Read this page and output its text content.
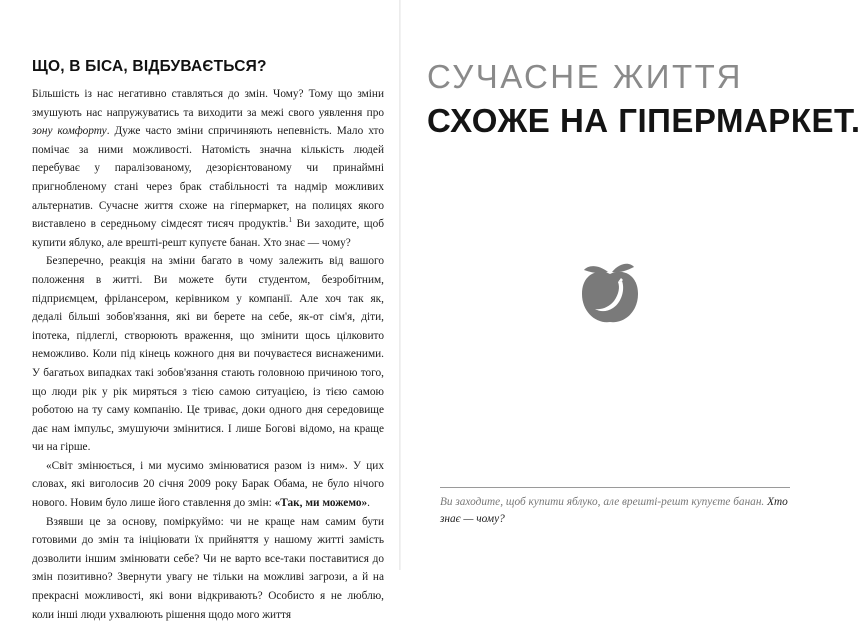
ЩО, В БІСА, ВІДБУВАЄТЬСЯ?

Більшість із нас негативно ставляться до змін. Чому? Тому що зміни змушують нас напружуватись та виходити за межі свого уявлення про зону комфорту. Дуже часто зміни спричиняють непевність. Мало хто помічає за ними можливості. Натомість значна кількість людей перебуває у паралізованому, дезорієнтованому чи принаймні пригнобленому стані через брак стабільності та надмір можливих альтернатив. Сучасне життя схоже на гіпермаркет, на полицях якого виставлено в середньому сімдесят тисяч продуктів.$^1$ Ви заходите, щоб купити яблуко, але врешті-решт купуєте банан. Хто знає — чому?

Безперечно, реакція на зміни багато в чому залежить від вашого положення в житті. Ви можете бути студентом, безробітним, підприємцем, фрілансером, керівником у компанії. Але хоч так як, дедалі більші зобов'язання, які ви берете на себе, як-от сім'я, діти, іпотека, підлеглі, створюють враження, що змінити щось цілковито неможливо. Коли під кінець кожного дня ви почуваєтеся виснаженими. У багатьох випадках такі зобов'язання стають головною причиною того, що люди рік у рік миряться з тією самою ситуацією, із тією самою роботою на ту саму компанію. Це триває, доки одного дня середовище дає нам імпульс, змушуючи змінитися. І лише Богові відомо, на краще чи на гірше.

«Світ змінюється, і ми мусимо змінюватися разом із ним». У цих словах, які виголосив 20 січня 2009 року Барак Обама, не було нічого нового. Новим було лише його ставлення до змін: «Так, ми можемо».

Взявши це за основу, поміркуймо: чи не краще нам самим бути готовими до змін та ініціювати їх прийняття у нашому житті замість дозволити іншим змінювати себе? Чи не варто все-таки поставитися до змін позитивно? Звернути увагу не тільки на можливі загрози, а й на прекрасні можливості, які вони відкривають? Особисто я не люблю, коли інші люди ухвалюють рішення щодо мого життя

СУЧАСНЕ ЖИТТЯ
СХОЖЕ НА ГІПЕРМАРКЕТ.
Ви заходите, щоб купити яблуко, але врешті-решт купуєте банан. Хто знає — чому?
